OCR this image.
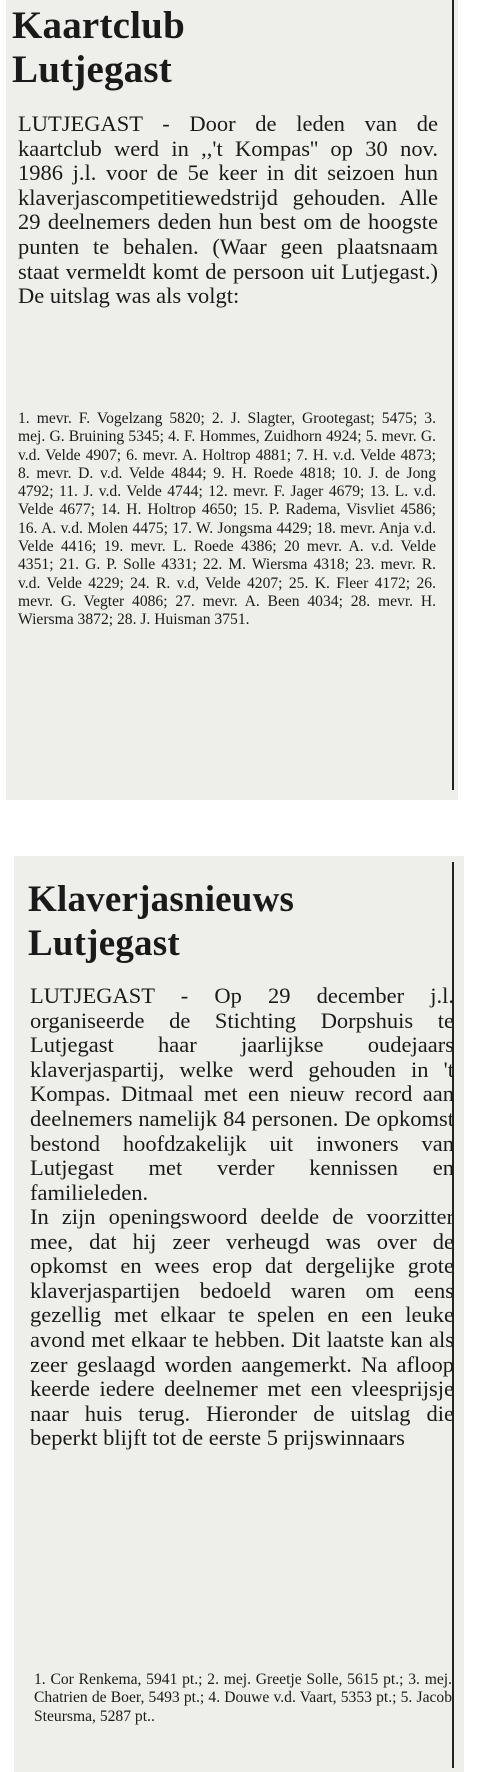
Kaartclub
Lutjegast

LUTJEGAST - Door de leden van de kaartclub werd in ,,'t Kompas'' op 30 nov. 1986 j.l. voor de 5e keer in dit seizoen hun klaverjascompetitiewedstrijd gehouden. Alle 29 deelnemers deden hun best om de hoogste punten te behalen. (Waar geen plaatsnaam staat vermeldt komt de persoon uit Lutjegast.) De uitslag was als volgt:

1. mevr. F. Vogelzang 5820; 2. J. Slagter, Grootegast; 5475; 3. mej. G. Bruining 5345; 4. F. Hommes, Zuidhorn 4924; 5. mevr. G. v.d. Velde 4907; 6. mevr. A. Holtrop 4881; 7. H. v.d. Velde 4873; 8. mevr. D. v.d. Velde 4844; 9. H. Roede 4818; 10. J. de Jong 4792; 11. J. v.d. Velde 4744; 12. mevr. F. Jager 4679; 13. L. v.d. Velde 4677; 14. H. Holtrop 4650; 15. P. Radema, Visvliet 4586; 16. A. v.d. Molen 4475; 17. W. Jongsma 4429; 18. mevr. Anja v.d. Velde 4416; 19. mevr. L. Roede 4386; 20 mevr. A. v.d. Velde 4351; 21. G. P. Solle 4331; 22. M. Wiersma 4318; 23. mevr. R. v.d. Velde 4229; 24. R. v.d, Velde 4207; 25. K. Fleer 4172; 26. mevr. G. Vegter 4086; 27. mevr. A. Been 4034; 28. mevr. H. Wiersma 3872; 28. J. Huisman 3751.

Klaverjasnieuws
Lutjegast

LUTJEGAST - Op 29 december j.l. organiseerde de Stichting Dorpshuis te Lutjegast haar jaarlijkse oudejaars klaverjaspartij, welke werd gehouden in 't Kompas. Ditmaal met een nieuw record aan deelnemers namelijk 84 personen. De opkomst bestond hoofdzakelijk uit inwoners van Lutjegast met verder kennissen en familieleden.

In zijn openingswoord deelde de voorzitter mee, dat hij zeer verheugd was over de opkomst en wees erop dat dergelijke grote klaverjaspartijen bedoeld waren om eens gezellig met elkaar te spelen en een leuke avond met elkaar te hebben. Dit laatste kan als zeer geslaagd worden aangemerkt. Na afloop keerde iedere deelnemer met een vleesprijsje naar huis terug. Hieronder de uitslag die beperkt blijft tot de eerste 5 prijswinnaars

1. Cor Renkema, 5941 pt.; 2. mej. Greetje Solle, 5615 pt.; 3. mej. Chatrien de Boer, 5493 pt.; 4. Douwe v.d. Vaart, 5353 pt.; 5. Jacob Steursma, 5287 pt..
